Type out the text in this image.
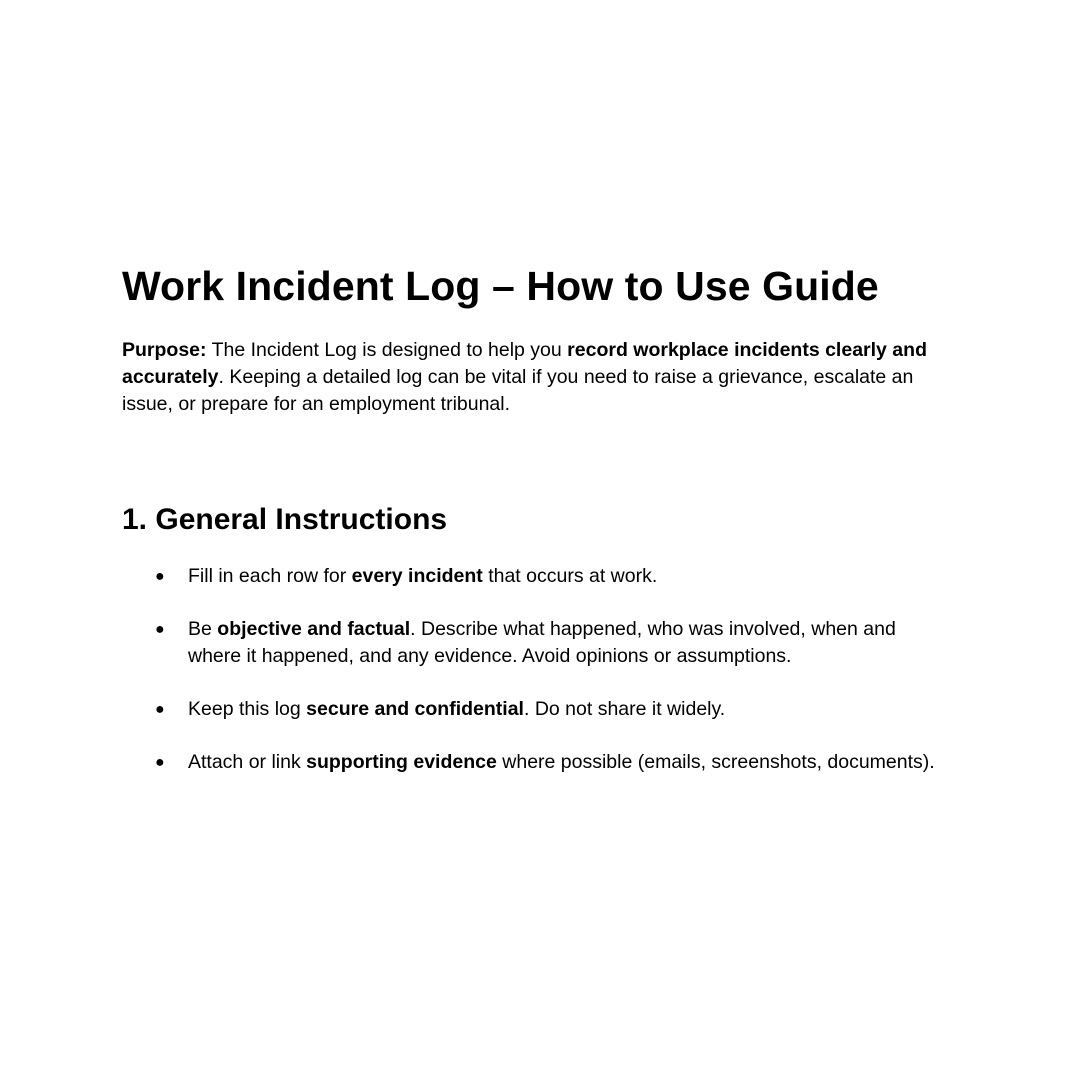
Work Incident Log – How to Use Guide

Purpose: The Incident Log is designed to help you record workplace incidents clearly and accurately. Keeping a detailed log can be vital if you need to raise a grievance, escalate an issue, or prepare for an employment tribunal.

1. General Instructions
● Fill in each row for every incident that occurs at work.
● Be objective and factual. Describe what happened, who was involved, when and where it happened, and any evidence. Avoid opinions or assumptions.
● Keep this log secure and confidential. Do not share it widely.
● Attach or link supporting evidence where possible (emails, screenshots, documents).
